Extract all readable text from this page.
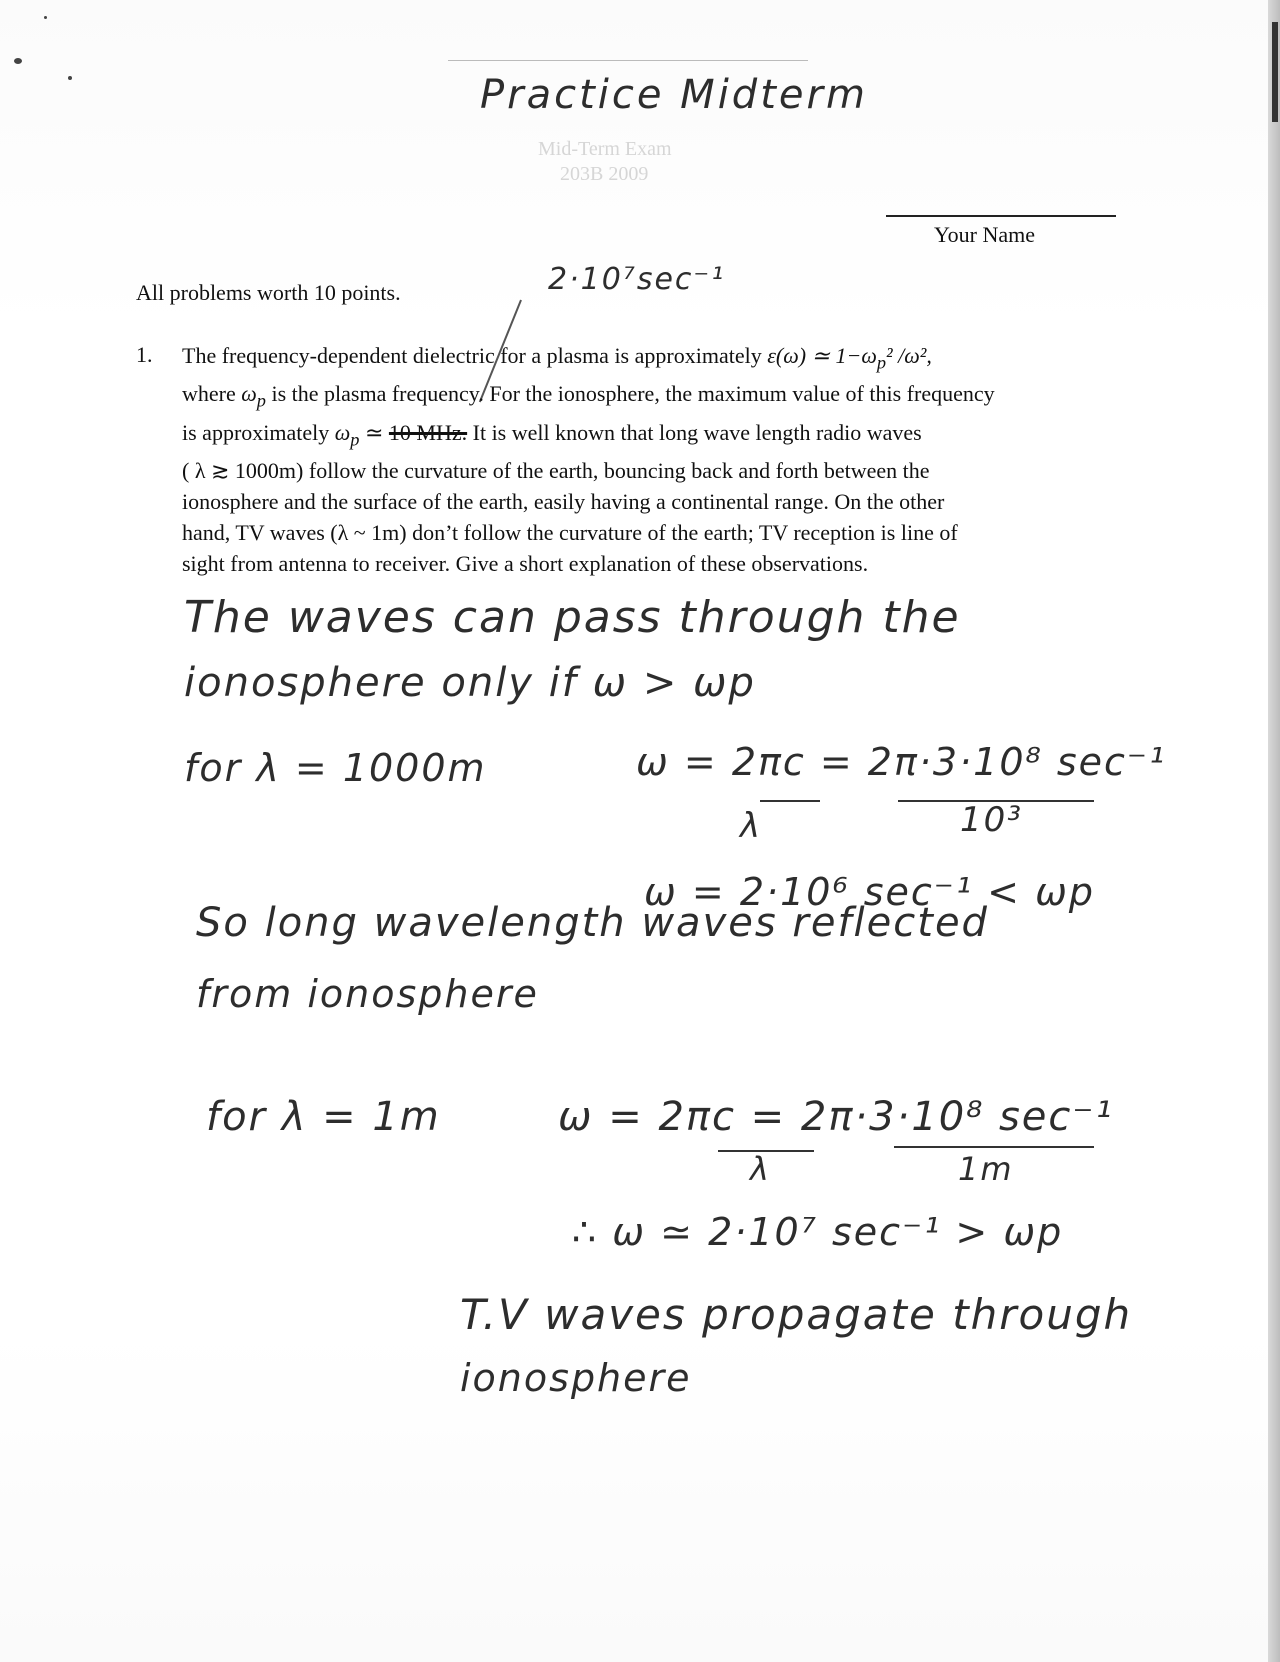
Practice Midterm
Mid-Term Exam
203B 2009
Your Name
All problems worth 10 points.	2·10⁷sec⁻¹
1. The frequency-dependent dielectric for a plasma is approximately ε(ω) ≃ $1-\omega_p^2$ /ω²,
where $\omega_p$ is the plasma frequency. For the ionosphere, the maximum value of this frequency
is approximately $\omega_p$ ≃ 10 MHz. It is well known that long wave length radio waves
( λ ≳ 1000m) follow the curvature of the earth, bouncing back and forth between the
ionosphere and the surface of the earth, easily having a continental range. On the other
hand, TV waves (λ ~ 1m) don’t follow the curvature of the earth; TV reception is line of
sight from antenna to receiver. Give a short explanation of these observations.
The waves can pass through the
ionosphere only if ω > ωp
for λ = 1000m	ω = 2πc = 2π·3·10⁸ sec⁻¹
λ	10³
ω = 2·10⁶ sec⁻¹ < ωp
So long wavelength waves reflected
from ionosphere
for λ = 1m	ω = 2πc = 2π·3·10⁸ sec⁻¹
λ	1m
∴ ω ≃ 2·10⁷ sec⁻¹ > ωp
T.V waves propagate through
ionosphere
